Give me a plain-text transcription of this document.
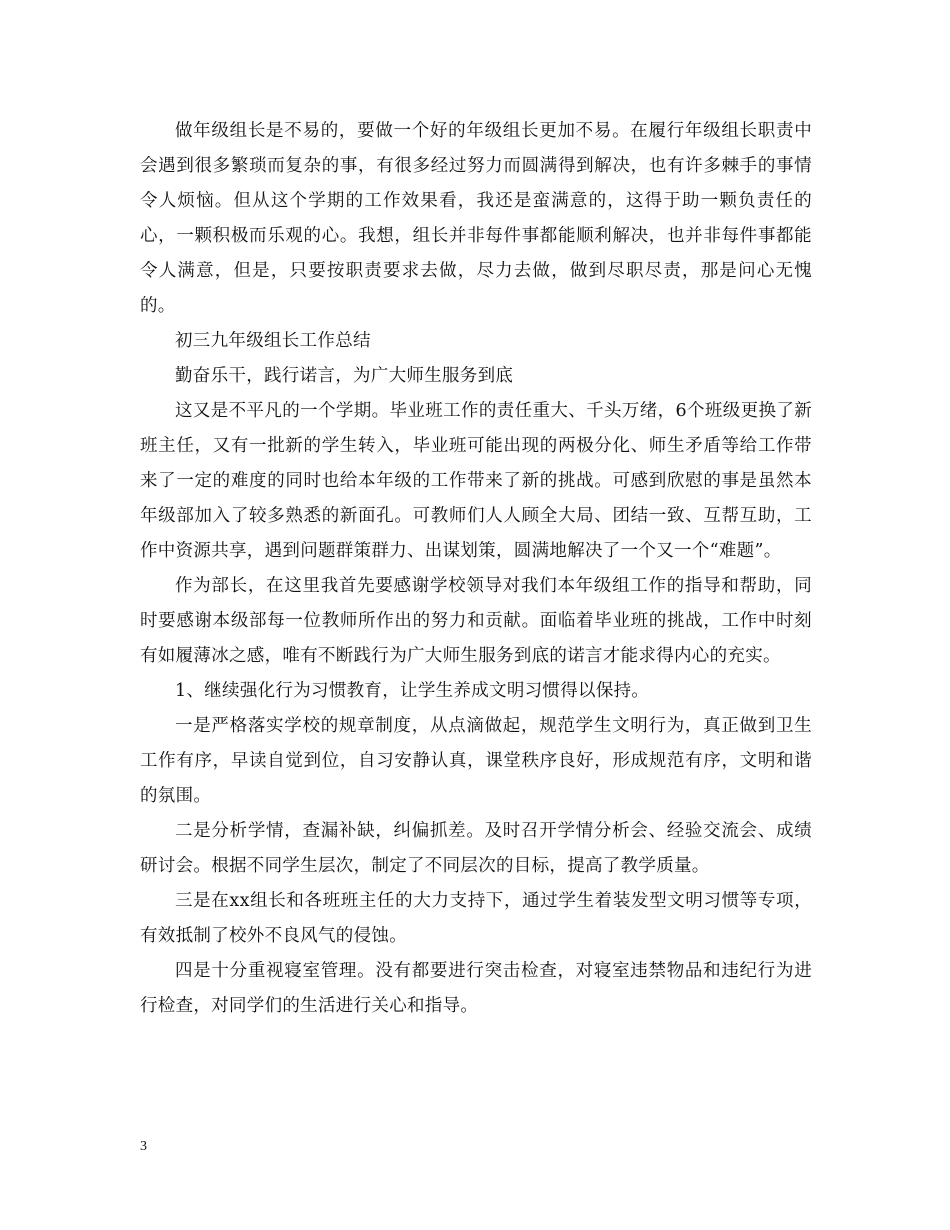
做年级组长是不易的，要做一个好的年级组长更加不易。在履行年级组长职责中会遇到很多繁琐而复杂的事，有很多经过努力而圆满得到解决，也有许多棘手的事情令人烦恼。但从这个学期的工作效果看，我还是蛮满意的，这得于助一颗负责任的心，一颗积极而乐观的心。我想，组长并非每件事都能顺利解决，也并非每件事都能令人满意，但是，只要按职责要求去做，尽力去做，做到尽职尽责，那是问心无愧的。

初三九年级组长工作总结

勤奋乐干，践行诺言，为广大师生服务到底

这又是不平凡的一个学期。毕业班工作的责任重大、千头万绪，6个班级更换了新班主任，又有一批新的学生转入，毕业班可能出现的两极分化、师生矛盾等给工作带来了一定的难度的同时也给本年级的工作带来了新的挑战。可感到欣慰的事是虽然本年级部加入了较多熟悉的新面孔。可教师们人人顾全大局、团结一致、互帮互助，工作中资源共享，遇到问题群策群力、出谋划策，圆满地解决了一个又一个“难题”。

作为部长，在这里我首先要感谢学校领导对我们本年级组工作的指导和帮助，同时要感谢本级部每一位教师所作出的努力和贡献。面临着毕业班的挑战，工作中时刻有如履薄冰之感，唯有不断践行为广大师生服务到底的诺言才能求得内心的充实。

1、继续强化行为习惯教育，让学生养成文明习惯得以保持。

一是严格落实学校的规章制度，从点滴做起，规范学生文明行为，真正做到卫生工作有序，早读自觉到位，自习安静认真，课堂秩序良好，形成规范有序，文明和谐的氛围。

二是分析学情，查漏补缺，纠偏抓差。及时召开学情分析会、经验交流会、成绩研讨会。根据不同学生层次，制定了不同层次的目标，提高了教学质量。

三是在xx组长和各班班主任的大力支持下，通过学生着装发型文明习惯等专项，有效抵制了校外不良风气的侵蚀。

四是十分重视寝室管理。没有都要进行突击检查，对寝室违禁物品和违纪行为进行检查，对同学们的生活进行关心和指导。

3
